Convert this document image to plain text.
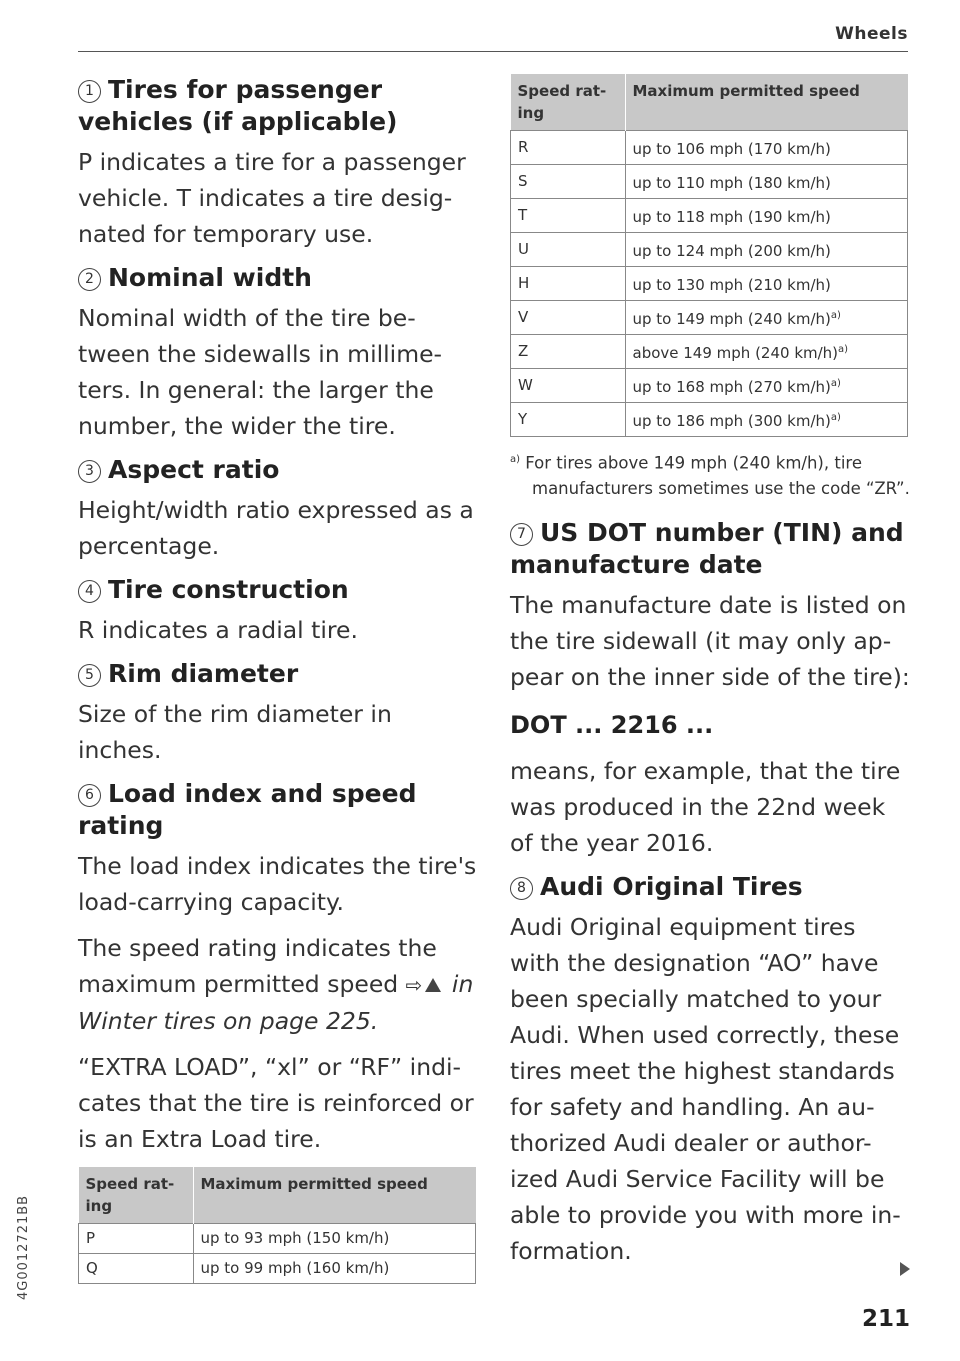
Wheels
1 Tires for passenger vehicles (if applicable)

P indicates a tire for a passenger vehicle. T indicates a tire desig-nated for temporary use.

2 Nominal width

Nominal width of the tire be-tween the sidewalls in millime-ters. In general: the larger the number, the wider the tire.

3 Aspect ratio

Height/width ratio expressed as a percentage.

4 Tire construction

R indicates a radial tire.

5 Rim diameter

Size of the rim diameter in inches.

6 Load index and speed rating

The load index indicates the tire's load-carrying capacity.

The speed rating indicates the maximum permitted speed ⇨! in Winter tires on page 225.

“EXTRA LOAD”, “xl” or “RF” indi-cates that the tire is reinforced or is an Extra Load tire.

Speed rat-ing	Maximum permitted speed
P	up to 93 mph (150 km/h)
Q	up to 99 mph (160 km/h)
Speed rat-ing	Maximum permitted speed
R	up to 106 mph (170 km/h)
S	up to 110 mph (180 km/h)
T	up to 118 mph (190 km/h)
U	up to 124 mph (200 km/h)
H	up to 130 mph (210 km/h)
V	up to 149 mph (240 km/h)$^{a)}$
Z	above 149 mph (240 km/h)$^{a)}$
W	up to 168 mph (270 km/h)$^{a)}$
Y	up to 186 mph (300 km/h)$^{a)}$
$^{a)}$ For tires above 149 mph (240 km/h), tire manufacturers sometimes use the code “ZR”.
7 US DOT number (TIN) and manufacture date

The manufacture date is listed on the tire sidewall (it may only ap-pear on the inner side of the tire):

DOT ... 2216 ...

means, for example, that the tire was produced in the 22nd week of the year 2016.

8 Audi Original Tires

Audi Original equipment tires with the designation “AO” have been specially matched to your Audi. When used correctly, these tires meet the highest standards for safety and handling. An au-thorized Audi dealer or author-ized Audi Service Facility will be able to provide you with more in-formation.

211
4G0012721BB
